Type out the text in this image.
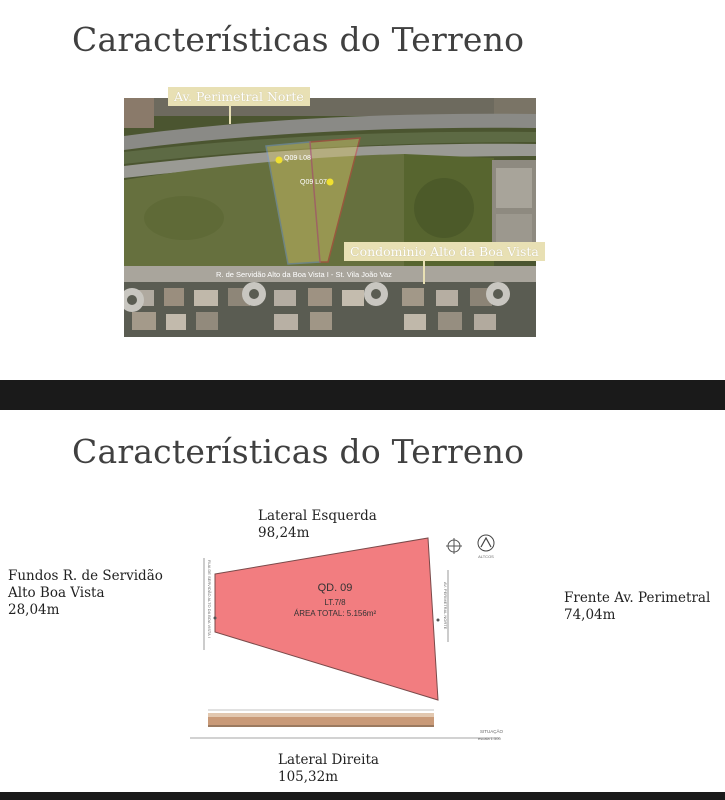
Características do Terreno
Q09 L08
Q09 L07
R. de Servidão Alto da Boa Vista I - St. Vila João Vaz
Av. Perimetral Norte
Condominio Alto da Boa Vista
Características do Terreno
RUA DE SERVIDÃO ALTO DA BOA VISTA I	AV. PERIMETRAL NORTE
QD. 09
LT.7/8
ÁREA TOTAL: 5.156m²
ALTCOS
SITUAÇÃO
escala 1:500
Lateral Esquerda
98,24m
Fundos R. de Servidão
Alto Boa Vista
28,04m
Frente Av. Perimetral
74,04m
Lateral Direita
105,32m
